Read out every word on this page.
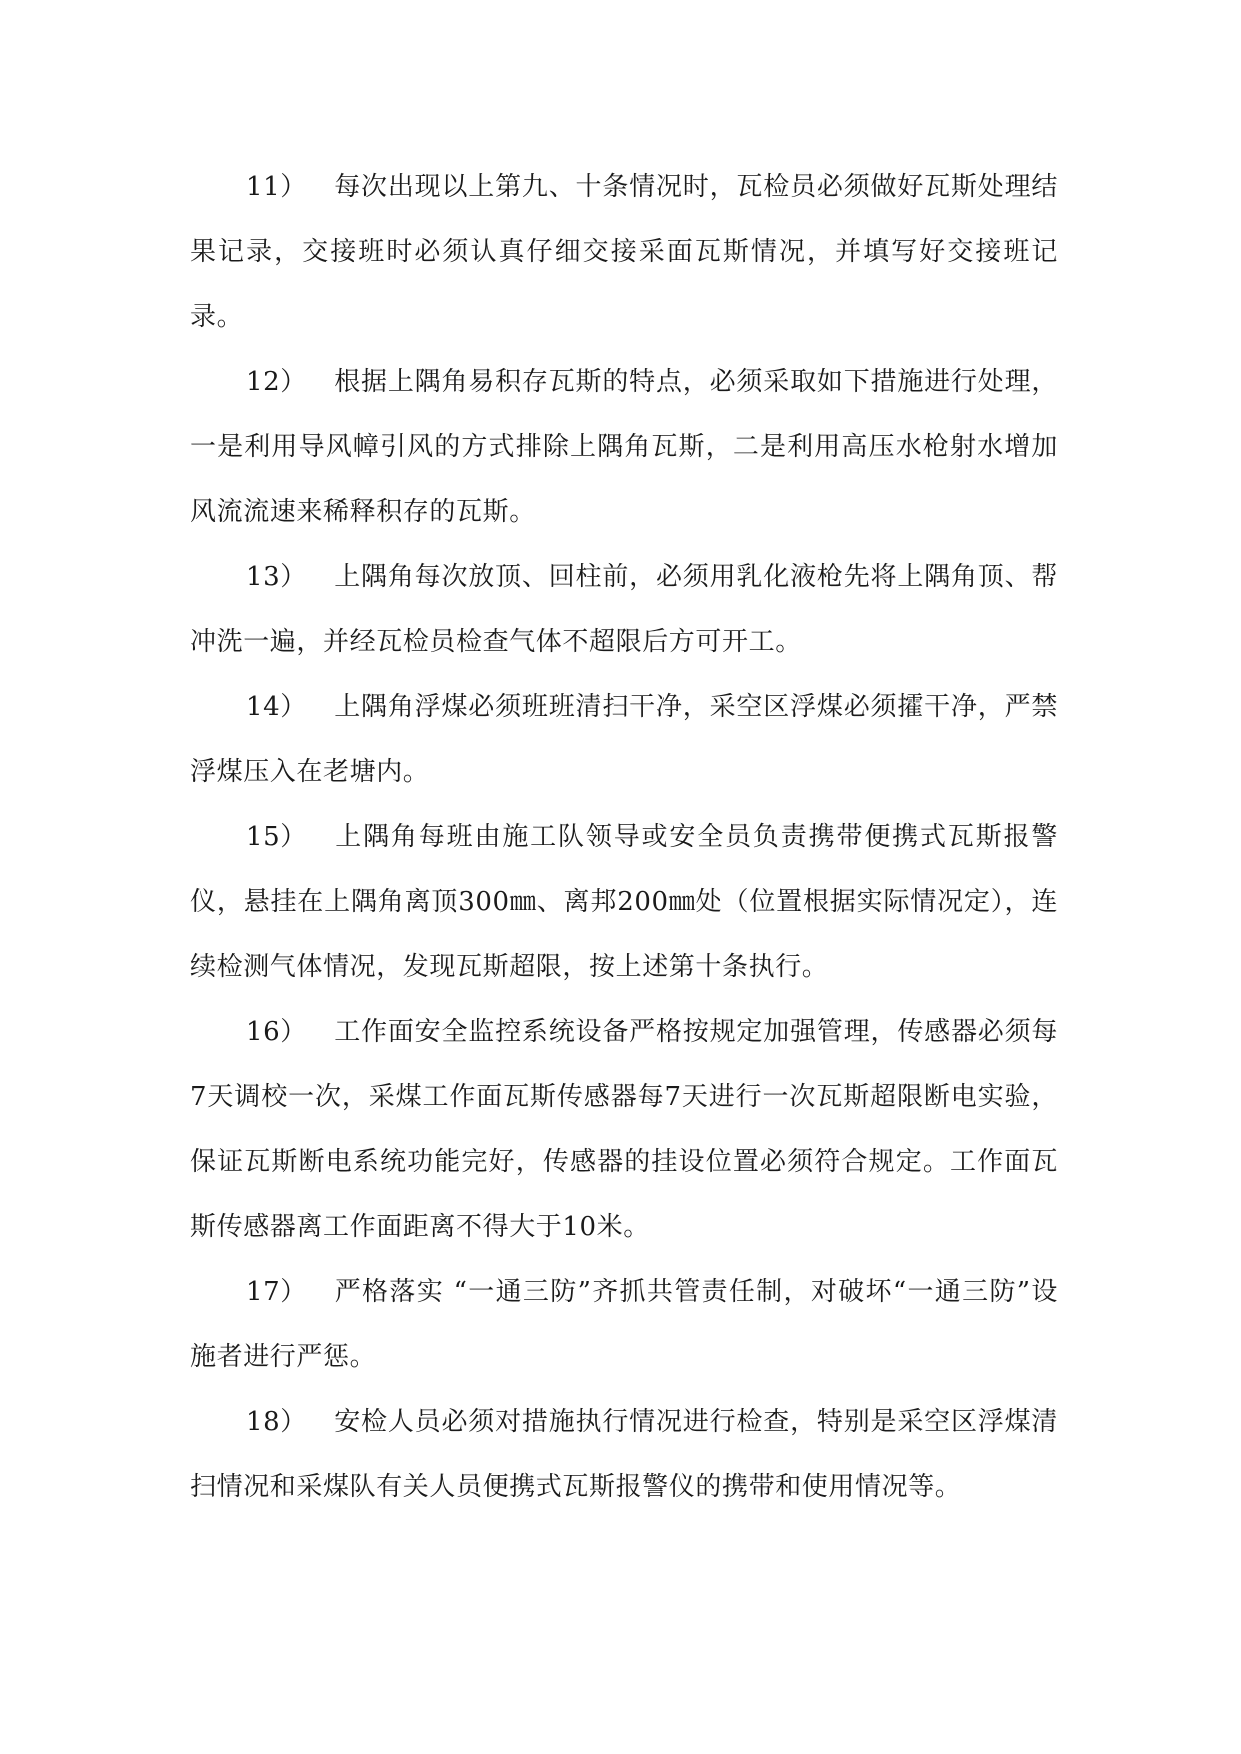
11） 每次出现以上第九、十条情况时，瓦检员必须做好瓦斯处理结果记录，交接班时必须认真仔细交接采面瓦斯情况，并填写好交接班记录。

12） 根据上隅角易积存瓦斯的特点，必须采取如下措施进行处理，一是利用导风幛引风的方式排除上隅角瓦斯，二是利用高压水枪射水增加风流流速来稀释积存的瓦斯。

13） 上隅角每次放顶、回柱前，必须用乳化液枪先将上隅角顶、帮冲洗一遍，并经瓦检员检查气体不超限后方可开工。

14） 上隅角浮煤必须班班清扫干净，采空区浮煤必须攉干净，严禁浮煤压入在老塘内。

15） 上隅角每班由施工队领导或安全员负责携带便携式瓦斯报警仪，悬挂在上隅角离顶300㎜、离邦200㎜处（位置根据实际情况定），连续检测气体情况，发现瓦斯超限，按上述第十条执行。

16） 工作面安全监控系统设备严格按规定加强管理，传感器必须每7天调校一次，采煤工作面瓦斯传感器每7天进行一次瓦斯超限断电实验，保证瓦斯断电系统功能完好，传感器的挂设位置必须符合规定。工作面瓦斯传感器离工作面距离不得大于10米。

17） 严格落实 “一通三防”齐抓共管责任制，对破坏“一通三防”设施者进行严惩。

18） 安检人员必须对措施执行情况进行检查，特别是采空区浮煤清扫情况和采煤队有关人员便携式瓦斯报警仪的携带和使用情况等。
